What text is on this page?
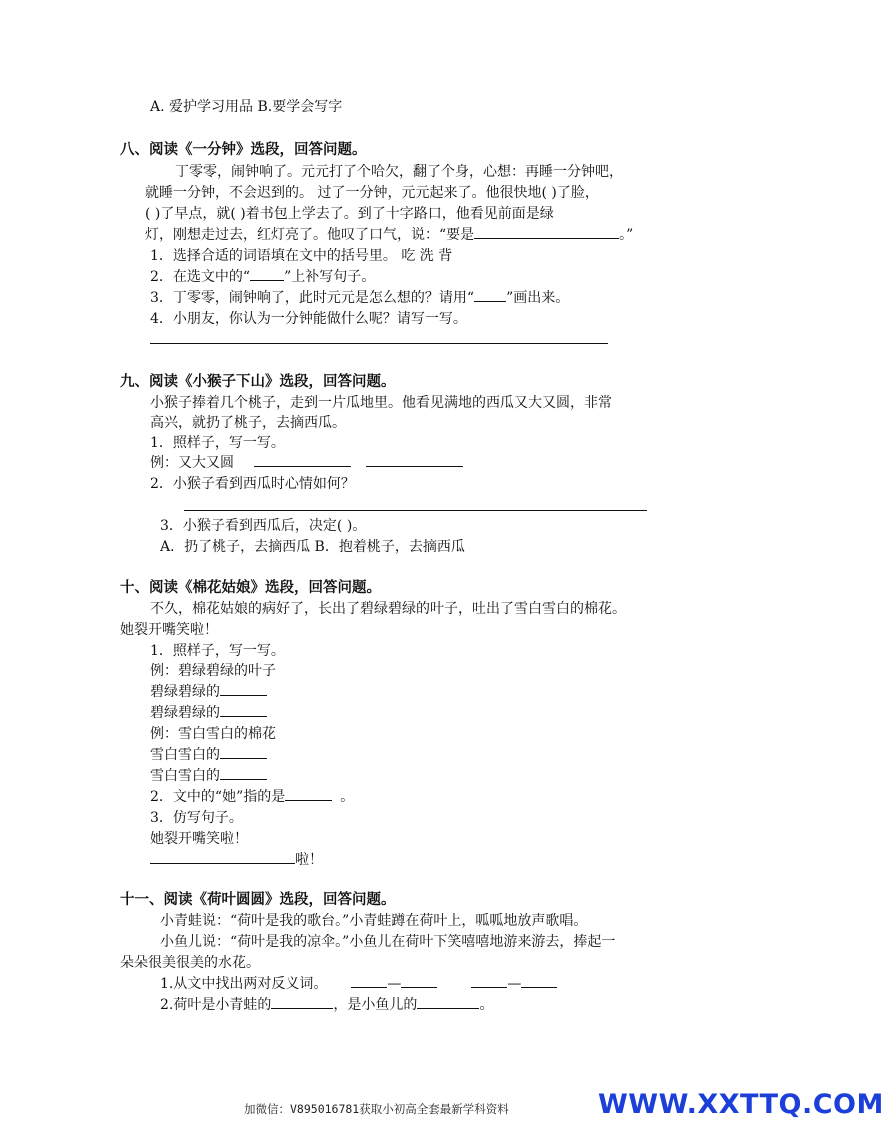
A. 爱护学习用品 B.要学会写字
八、阅读《一分钟》选段，回答问题。
丁零零，闹钟响了。元元打了个哈欠，翻了个身，心想：再睡一分钟吧，
就睡一分钟，不会迟到的。 过了一分钟，元元起来了。他很快地( )了脸，
( )了早点，就( )着书包上学去了。到了十字路口，他看见前面是绿
灯，刚想走过去，红灯亮了。他叹了口气，说：“要是	。”
1．选择合适的词语填在文中的括号里。 吃 洗 背
2．在选文中的“ ”上补写句子。
3．丁零零，闹钟响了，此时元元是怎么想的？请用“ ”画出来。
4．小朋友，你认为一分钟能做什么呢？请写一写。
九、阅读《小猴子下山》选段，回答问题。
小猴子捧着几个桃子，走到一片瓜地里。他看见满地的西瓜又大又圆，非常
高兴，就扔了桃子，去摘西瓜。
1．照样子，写一写。
例：又大又圆
2．小猴子看到西瓜时心情如何？
3．小猴子看到西瓜后，决定( )。
A．扔了桃子，去摘西瓜 B．抱着桃子，去摘西瓜
十、阅读《棉花姑娘》选段，回答问题。
不久，棉花姑娘的病好了，长出了碧绿碧绿的叶子，吐出了雪白雪白的棉花。
她裂开嘴笑啦！
1．照样子，写一写。
例：碧绿碧绿的叶子
碧绿碧绿的
碧绿碧绿的
例：雪白雪白的棉花
雪白雪白的
雪白雪白的
2．文中的“她”指的是	。
3．仿写句子。
她裂开嘴笑啦！
啦！
十一、阅读《荷叶圆圆》选段，回答问题。
小青蛙说：“荷叶是我的歌台。”小青蛙蹲在荷叶上，呱呱地放声歌唱。
小鱼儿说：“荷叶是我的凉伞。”小鱼儿在荷叶下笑嘻嘻地游来游去，捧起一
朵朵很美很美的水花。
1.从文中找出两对反义词。	—	—
2.荷叶是小青蛙的	，是小鱼儿的	。
加微信：V895016781获取小初高全套最新学科资料	WWW.XXTTQ.COM
